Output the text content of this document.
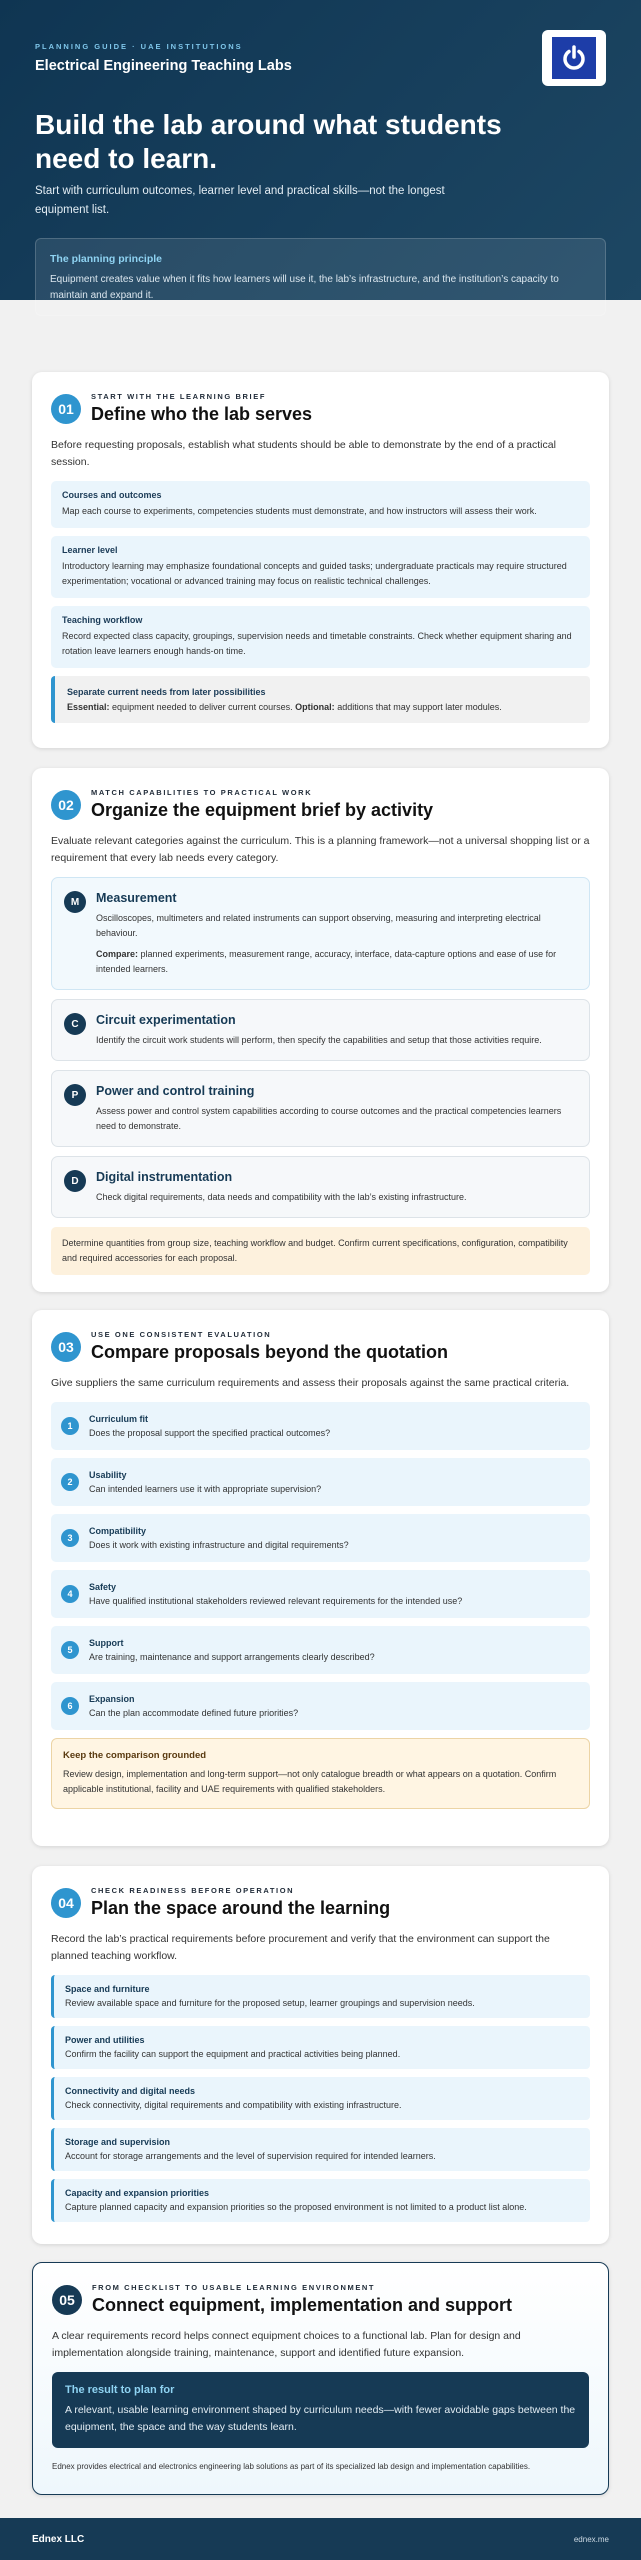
PLANNING GUIDE · UAE INSTITUTIONS
Electrical Engineering Teaching Labs
Build the lab around what students need to learn.

Start with curriculum outcomes, learner level and practical skills—not the longest equipment list.

The planning principle
Equipment creates value when it fits how learners will use it, the lab’s infrastructure, and the institution’s capacity to maintain and expand it.
01
START WITH THE LEARNING BRIEF
Define who the lab serves

Before requesting proposals, establish what students should be able to demonstrate by the end of a practical session.

Courses and outcomes
Map each course to experiments, competencies students must demonstrate, and how instructors will assess their work.
Learner level
Introductory learning may emphasize foundational concepts and guided tasks; undergraduate practicals may require structured experimentation; vocational or advanced training may focus on realistic technical challenges.
Teaching workflow
Record expected class capacity, groupings, supervision needs and timetable constraints. Check whether equipment sharing and rotation leave learners enough hands-on time.
Separate current needs from later possibilities
Essential: equipment needed to deliver current courses. Optional: additions that may support later modules.
02
MATCH CAPABILITIES TO PRACTICAL WORK
Organize the equipment brief by activity

Evaluate relevant categories against the curriculum. This is a planning framework—not a universal shopping list or a requirement that every lab needs every category.

M	Measurement
Oscilloscopes, multimeters and related instruments can support observing, measuring and interpreting electrical behaviour.
Compare: planned experiments, measurement range, accuracy, interface, data-capture options and ease of use for intended learners.
C	Circuit experimentation
Identify the circuit work students will perform, then specify the capabilities and setup that those activities require.
P	Power and control training
Assess power and control system capabilities according to course outcomes and the practical competencies learners need to demonstrate.
D	Digital instrumentation
Check digital requirements, data needs and compatibility with the lab’s existing infrastructure.
Determine quantities from group size, teaching workflow and budget. Confirm current specifications, configuration, compatibility and required accessories for each proposal.
03
USE ONE CONSISTENT EVALUATION
Compare proposals beyond the quotation

Give suppliers the same curriculum requirements and assess their proposals against the same practical criteria.

1
Curriculum fit
Does the proposal support the specified practical outcomes?
2
Usability
Can intended learners use it with appropriate supervision?
3
Compatibility
Does it work with existing infrastructure and digital requirements?
4
Safety
Have qualified institutional stakeholders reviewed relevant requirements for the intended use?
5
Support
Are training, maintenance and support arrangements clearly described?
6
Expansion
Can the plan accommodate defined future priorities?
Keep the comparison grounded
Review design, implementation and long-term support—not only catalogue breadth or what appears on a quotation. Confirm applicable institutional, facility and UAE requirements with qualified stakeholders.
04
CHECK READINESS BEFORE OPERATION
Plan the space around the learning

Record the lab’s practical requirements before procurement and verify that the environment can support the planned teaching workflow.

Space and furniture
Review available space and furniture for the proposed setup, learner groupings and supervision needs.
Power and utilities
Confirm the facility can support the equipment and practical activities being planned.
Connectivity and digital needs
Check connectivity, digital requirements and compatibility with existing infrastructure.
Storage and supervision
Account for storage arrangements and the level of supervision required for intended learners.
Capacity and expansion priorities
Capture planned capacity and expansion priorities so the proposed environment is not limited to a product list alone.
05
FROM CHECKLIST TO USABLE LEARNING ENVIRONMENT
Connect equipment, implementation and support

A clear requirements record helps connect equipment choices to a functional lab. Plan for design and implementation alongside training, maintenance, support and identified future expansion.

The result to plan for
A relevant, usable learning environment shaped by curriculum needs—with fewer avoidable gaps between the equipment, the space and the way students learn.
Ednex provides electrical and electronics engineering lab solutions as part of its specialized lab design and implementation capabilities.
Ednex LLC	ednex.me
